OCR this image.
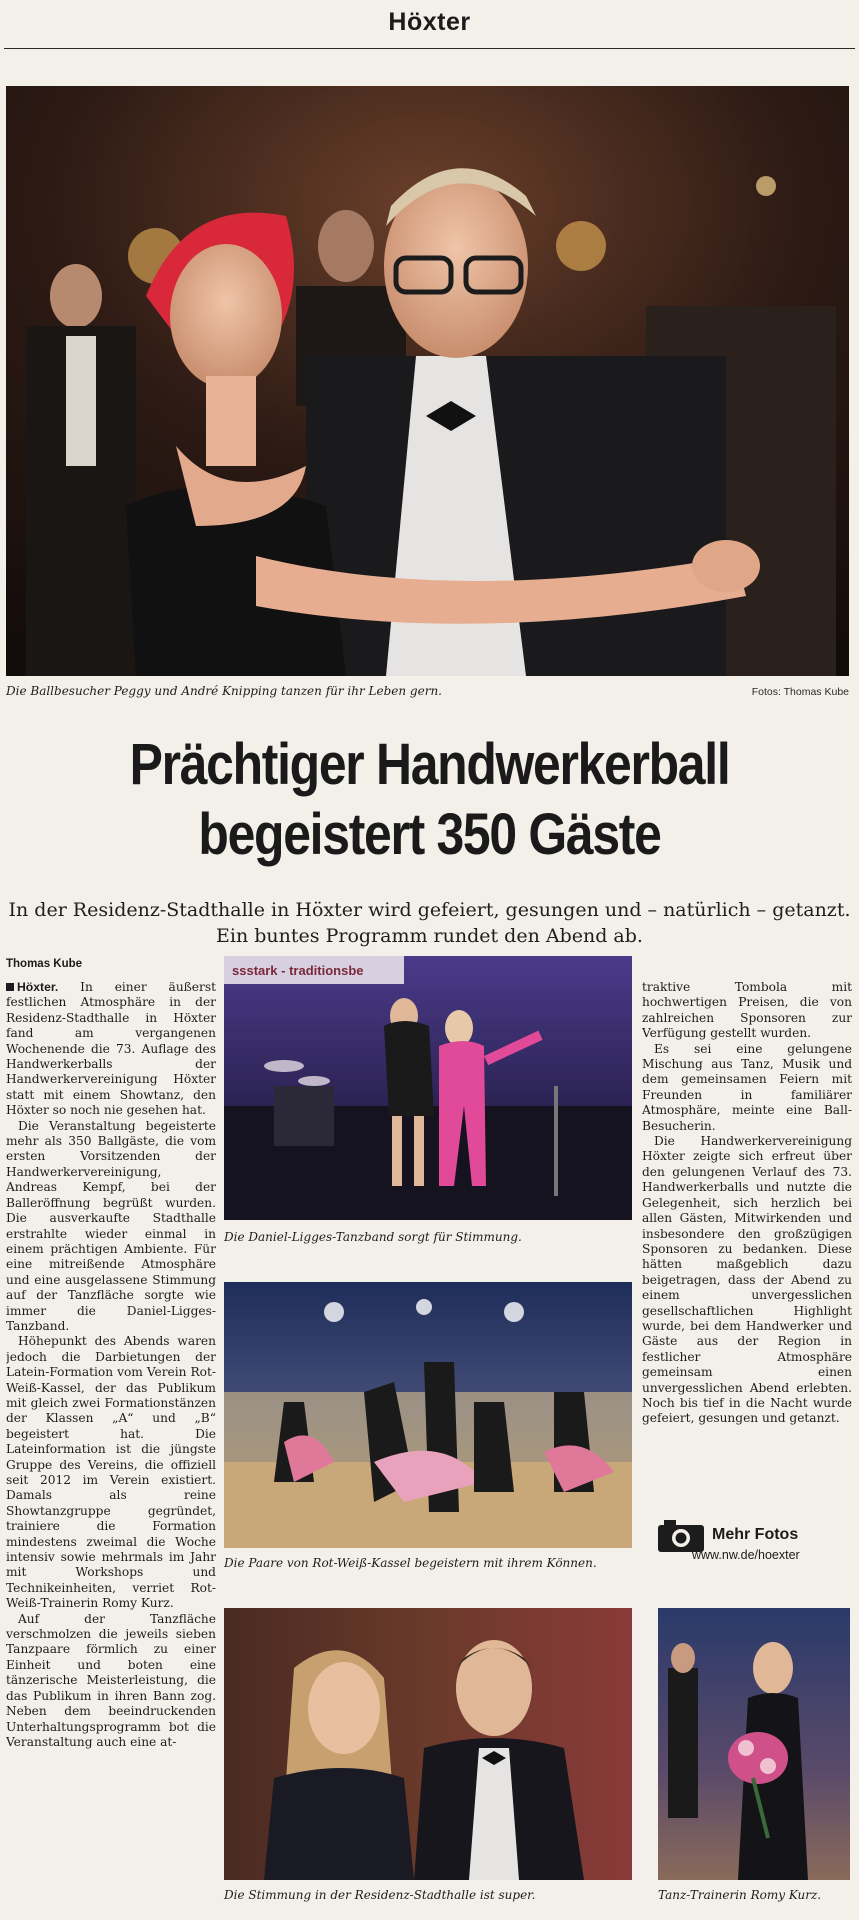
Höxter
Die Ballbesucher Peggy und André Knipping tanzen für ihr Leben gern.	Fotos: Thomas Kube
Prächtiger Handwerkerball
begeistert 350 Gäste
In der Residenz-Stadthalle in Höxter wird gefeiert, gesungen und – natürlich – getanzt.
Ein buntes Programm rundet den Abend ab.
Thomas Kube

Höxter. In einer äußerst festlichen Atmosphäre in der Residenz-Stadthalle in Höxter fand am vergangenen Wochenende die 73. Auflage des Handwerkerballs der Handwerkervereinigung Höxter statt mit einem Showtanz, den Höxter so noch nie gesehen hat.

Die Veranstaltung begeisterte mehr als 350 Ballgäste, die vom ersten Vorsitzenden der Handwerkervereinigung, Andreas Kempf, bei der Balleröffnung begrüßt wurden. Die ausverkaufte Stadthalle erstrahlte wieder einmal in einem prächtigen Ambiente. Für eine mitreißende Atmosphäre und eine ausgelassene Stimmung auf der Tanzfläche sorgte wie immer die Daniel-Ligges-Tanzband.

Höhepunkt des Abends waren jedoch die Darbietungen der Latein-Formation vom Verein Rot-Weiß-Kassel, der das Publikum mit gleich zwei Formationstänzen der Klassen „A“ und „B“ begeistert hat. Die Lateinformation ist die jüngste Gruppe des Vereins, die offiziell seit 2012 im Verein existiert. Damals als reine Showtanzgruppe gegründet, trainiere die Formation mindestens zweimal die Woche intensiv sowie mehrmals im Jahr mit Workshops und Technikeinheiten, verriet Rot-Weiß-Trainerin Romy Kurz.

Auf der Tanzfläche verschmolzen die jeweils sieben Tanzpaare förmlich zu einer Einheit und boten eine tänzerische Meisterleistung, die das Publikum in ihren Bann zog. Neben dem beeindruckenden Unterhaltungsprogramm bot die Veranstaltung auch eine at-

ssstark - traditionsbe
Die Daniel-Ligges-Tanzband sorgt für Stimmung.
Die Paare von Rot-Weiß-Kassel begeistern mit ihrem Können.

traktive Tombola mit hochwertigen Preisen, die von zahlreichen Sponsoren zur Verfügung gestellt wurden.

Es sei eine gelungene Mischung aus Tanz, Musik und dem gemeinsamen Feiern mit Freunden in familiärer Atmosphäre, meinte eine Ball-Besucherin.

Die Handwerkervereinigung Höxter zeigte sich erfreut über den gelungenen Verlauf des 73. Handwerkerballs und nutzte die Gelegenheit, sich herzlich bei allen Gästen, Mitwirkenden und insbesondere den großzügigen Sponsoren zu bedanken. Diese hätten maßgeblich dazu beigetragen, dass der Abend zu einem unvergesslichen gesellschaftlichen Highlight wurde, bei dem Handwerker und Gäste aus der Region in festlicher Atmosphäre gemeinsam einen unvergesslichen Abend erlebten. Noch bis tief in die Nacht wurde gefeiert, gesungen und getanzt.

Mehr Fotos
www.nw.de/hoexter
Die Stimmung in der Residenz-Stadthalle ist super.	Tanz-Trainerin Romy Kurz.
